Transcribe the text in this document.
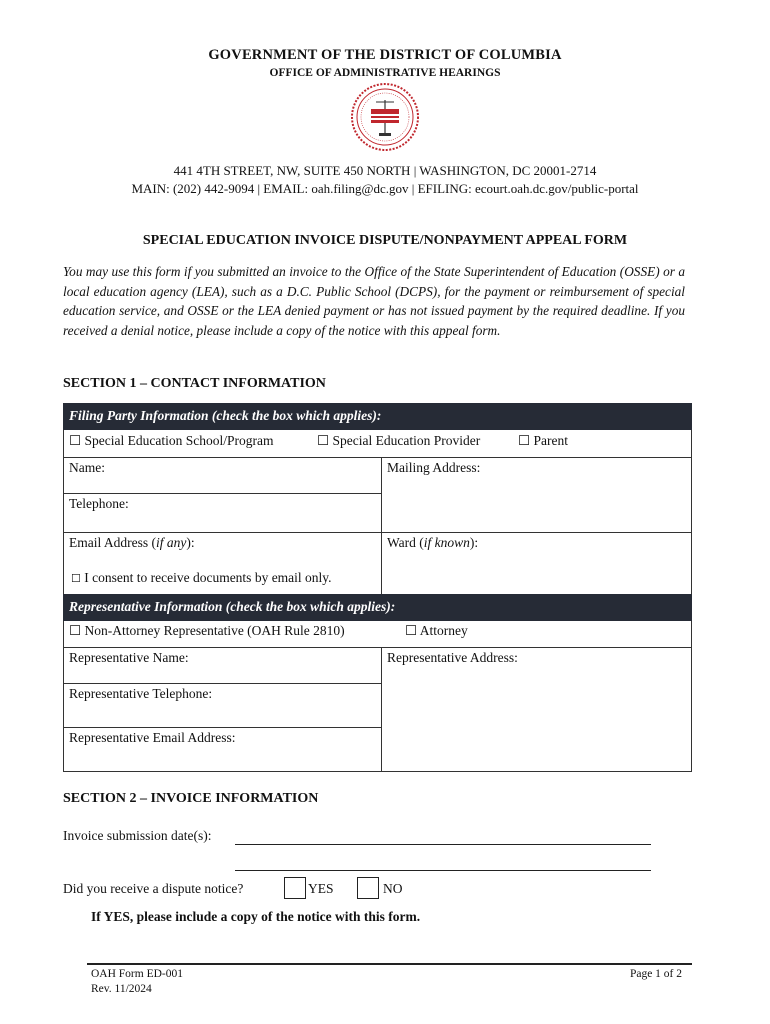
GOVERNMENT OF THE DISTRICT OF COLUMBIA
OFFICE OF ADMINISTRATIVE HEARINGS
441 4TH STREET, NW, SUITE 450 NORTH | WASHINGTON, DC 20001-2714
MAIN: (202) 442-9094 | EMAIL: oah.filing@dc.gov | EFILING: ecourt.oah.dc.gov/public-portal
SPECIAL EDUCATION INVOICE DISPUTE/NONPAYMENT APPEAL FORM
You may use this form if you submitted an invoice to the Office of the State Superintendent of Education (OSSE) or a local education agency (LEA), such as a D.C. Public School (DCPS), for the payment or reimbursement of special education service, and OSSE or the LEA denied payment or has not issued payment by the required deadline. If you received a denial notice, please include a copy of the notice with this appeal form.
SECTION 1 – CONTACT INFORMATION
Filing Party Information (check the box which applies):
☐ Special Education School/Program	☐ Special Education Provider	☐ Parent
Name:	Mailing Address:
Telephone:
Email Address (if any):	Ward (if known):
☐ I consent to receive documents by email only.
Representative Information (check the box which applies):
☐ Non-Attorney Representative (OAH Rule 2810)	☐ Attorney
Representative Name:	Representative Address:
Representative Telephone:
Representative Email Address:
SECTION 2 – INVOICE INFORMATION
Invoice submission date(s):
Did you receive a dispute notice?	YES	NO
If YES, please include a copy of the notice with this form.
OAH Form ED-001
Rev. 11/2024
Page 1 of 2
